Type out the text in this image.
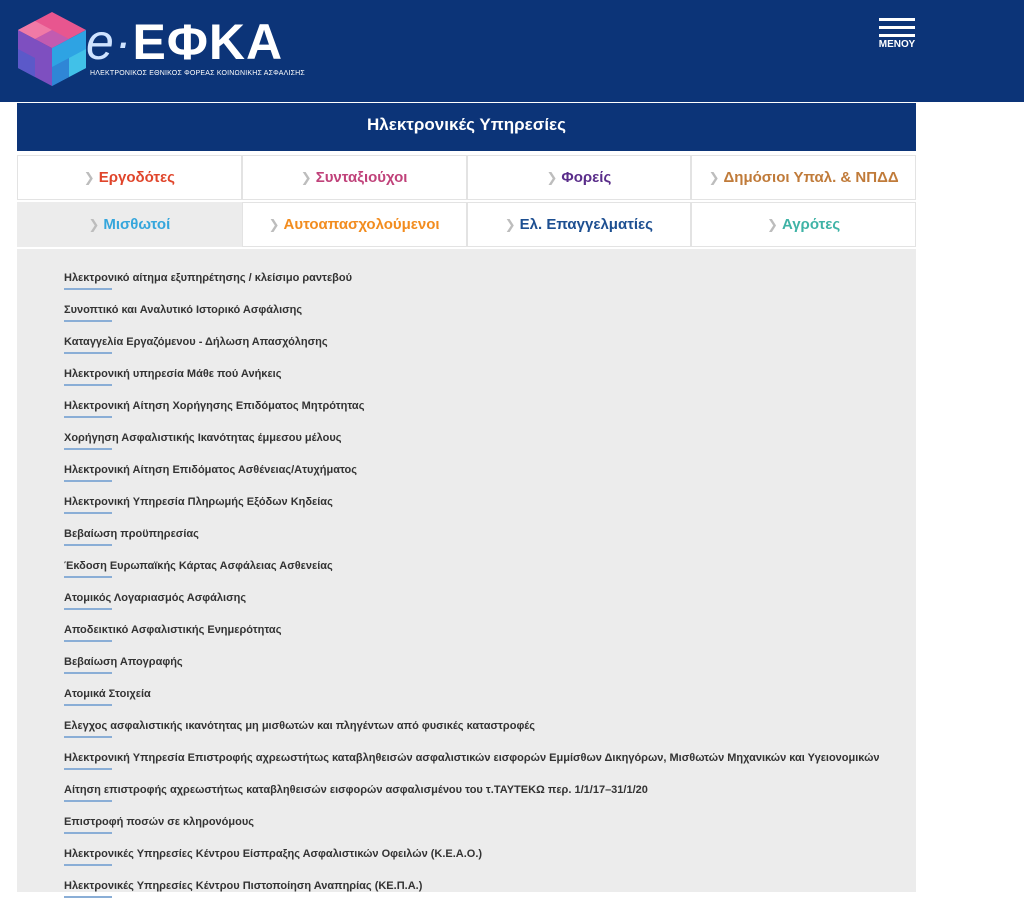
e·ΕΦΚΑ
ΗΛΕΚΤΡΟΝΙΚΟΣ ΕΘΝΙΚΟΣ ΦΟΡΕΑΣ ΚΟΙΝΩΝΙΚΗΣ ΑΣΦΑΛΙΣΗΣ
ΜΕΝΟΥ
Ηλεκτρονικές Υπηρεσίες
❯ Εργοδότες	❯ Συνταξιούχοι	❯ Φορείς	❯ Δημόσιοι Υπαλ. & ΝΠΔΔ
❯ Μισθωτοί	❯ Αυτοαπασχολούμενοι	❯ Ελ. Επαγγελματίες	❯ Αγρότες
Ηλεκτρονικό αίτημα εξυπηρέτησης / κλείσιμο ραντεβού
Συνοπτικό και Αναλυτικό Ιστορικό Ασφάλισης
Καταγγελία Εργαζόμενου - Δήλωση Απασχόλησης
Ηλεκτρονική υπηρεσία Μάθε πού Ανήκεις
Ηλεκτρονική Αίτηση Χορήγησης Επιδόματος Μητρότητας
Χορήγηση Ασφαλιστικής Ικανότητας έμμεσου μέλους
Ηλεκτρονική Αίτηση Επιδόματος Ασθένειας/Ατυχήματος
Ηλεκτρονική Υπηρεσία Πληρωμής Εξόδων Κηδείας
Βεβαίωση προϋπηρεσίας
Έκδοση Ευρωπαϊκής Κάρτας Ασφάλειας Ασθενείας
Ατομικός Λογαριασμός Ασφάλισης
Αποδεικτικό Ασφαλιστικής Ενημερότητας
Βεβαίωση Απογραφής
Ατομικά Στοιχεία
Ελεγχος ασφαλιστικής ικανότητας μη μισθωτών και πληγέντων από φυσικές καταστροφές
Ηλεκτρονική Υπηρεσία Επιστροφής αχρεωστήτως καταβληθεισών ασφαλιστικών εισφορών Εμμίσθων Δικηγόρων, Μισθωτών Μηχανικών και Υγειονομικών
Αίτηση επιστροφής αχρεωστήτως καταβληθεισών εισφορών ασφαλισμένου του τ.ΤΑΥΤΕΚΩ περ. 1/1/17–31/1/20
Επιστροφή ποσών σε κληρονόμους
Ηλεκτρονικές Υπηρεσίες Κέντρου Είσπραξης Ασφαλιστικών Οφειλών (Κ.Ε.Α.Ο.)
Ηλεκτρονικές Υπηρεσίες Κέντρου Πιστοποίηση Αναπηρίας (ΚΕ.Π.Α.)
